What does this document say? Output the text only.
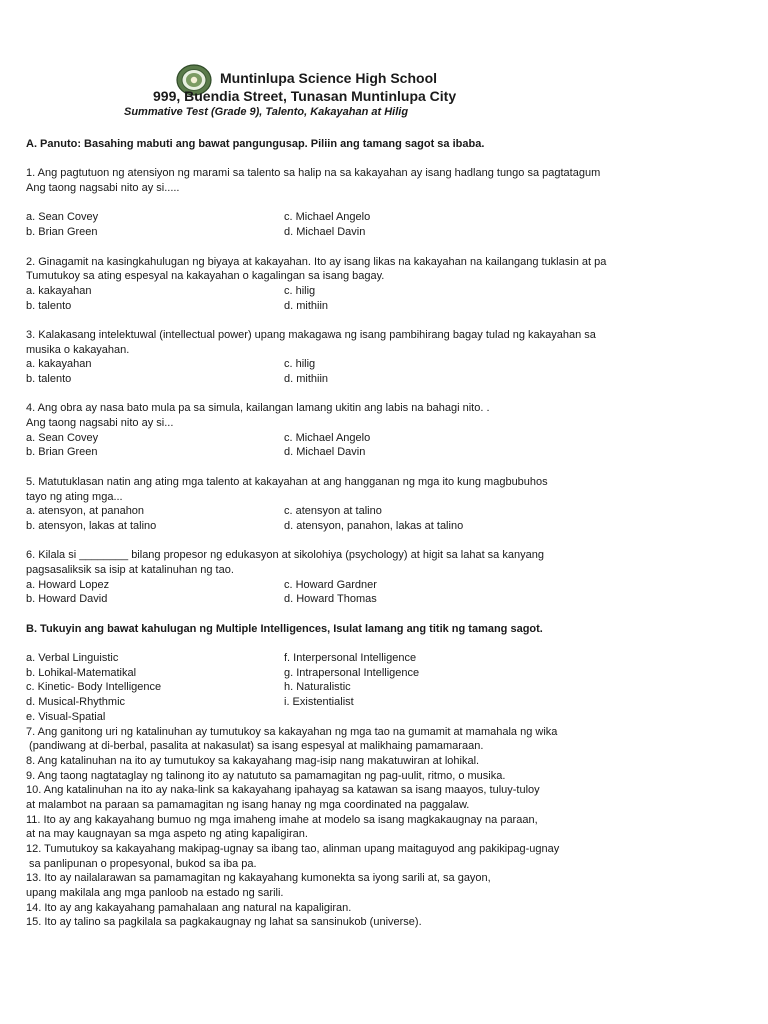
Muntinlupa Science High School
999, Buendia Street, Tunasan Muntinlupa City
Summative Test (Grade 9), Talento, Kakayahan at Hilig
A. Panuto: Basahing mabuti ang bawat pangungusap. Piliin ang tamang sagot sa ibaba.
1. Ang pagtutuon ng atensiyon ng marami sa talento sa halip na sa kakayahan ay isang hadlang tungo sa pagtatagum
Ang taong nagsabi nito ay si.....
a. Sean Covey	c. Michael Angelo
b. Brian Green	d. Michael Davin
2. Ginagamit na kasingkahulugan ng biyaya at kakayahan. Ito ay isang likas na kakayahan na kailangang tuklasin at pa
Tumutukoy sa ating espesyal na kakayahan o kagalingan sa isang bagay.
a. kakayahan	c. hilig
b. talento	d. mithiin
3. Kalakasang intelektuwal (intellectual power) upang makagawa ng isang pambihirang bagay tulad ng kakayahan sa
musika o kakayahan.
a. kakayahan	c. hilig
b. talento	d. mithiin
4. Ang obra ay nasa bato mula pa sa simula, kailangan lamang ukitin ang labis na bahagi nito. .
Ang taong nagsabi nito ay si...
a. Sean Covey	c. Michael Angelo
b. Brian Green	d. Michael Davin
5. Matutuklasan natin ang ating mga talento at kakayahan at ang hangganan ng mga ito kung magbubuhos
tayo ng ating mga...
a. atensyon, at panahon	c. atensyon at talino
b. atensyon, lakas at talino	d. atensyon, panahon, lakas at talino
6. Kilala si ________ bilang propesor ng edukasyon at sikolohiya (psychology) at higit sa lahat sa kanyang
pagsasaliksik sa isip at katalinuhan ng tao.
a. Howard Lopez	c. Howard Gardner
b. Howard David	d. Howard Thomas
B. Tukuyin ang bawat kahulugan ng Multiple Intelligences, Isulat lamang ang titik ng tamang sagot.
a. Verbal Linguistic	f. Interpersonal Intelligence
b. Lohikal-Matematikal	g. Intrapersonal Intelligence
c. Kinetic- Body Intelligence	h. Naturalistic
d. Musical-Rhythmic	i. Existentialist
e. Visual-Spatial
7. Ang ganitong uri ng katalinuhan ay tumutukoy sa kakayahan ng mga tao na gumamit at mamahala ng wika
(pandiwang at di-berbal, pasalita at nakasulat) sa isang espesyal at malikhaing pamamaraan.
8. Ang katalinuhan na ito ay tumutukoy sa kakayahang mag-isip nang makatuwiran at lohikal.
9. Ang taong nagtataglay ng talinong ito ay natututo sa pamamagitan ng pag-uulit, ritmo, o musika.
10. Ang katalinuhan na ito ay naka-link sa kakayahang ipahayag sa katawan sa isang maayos, tuluy-tuloy
at malambot na paraan sa pamamagitan ng isang hanay ng mga coordinated na paggalaw.
11. Ito ay ang kakayahang bumuo ng mga imaheng imahe at modelo sa isang magkakaugnay na paraan,
at na may kaugnayan sa mga aspeto ng ating kapaligiran.
12. Tumutukoy sa kakayahang makipag-ugnay sa ibang tao, alinman upang maitaguyod ang pakikipag-ugnay
sa panlipunan o propesyonal, bukod sa iba pa.
13. Ito ay nailalarawan sa pamamagitan ng kakayahang kumonekta sa iyong sarili at, sa gayon,
upang makilala ang mga panloob na estado ng sarili.
14. Ito ay ang kakayahang pamahalaan ang natural na kapaligiran.
15. Ito ay talino sa pagkilala sa pagkakaugnay ng lahat sa sansinukob (universe).
